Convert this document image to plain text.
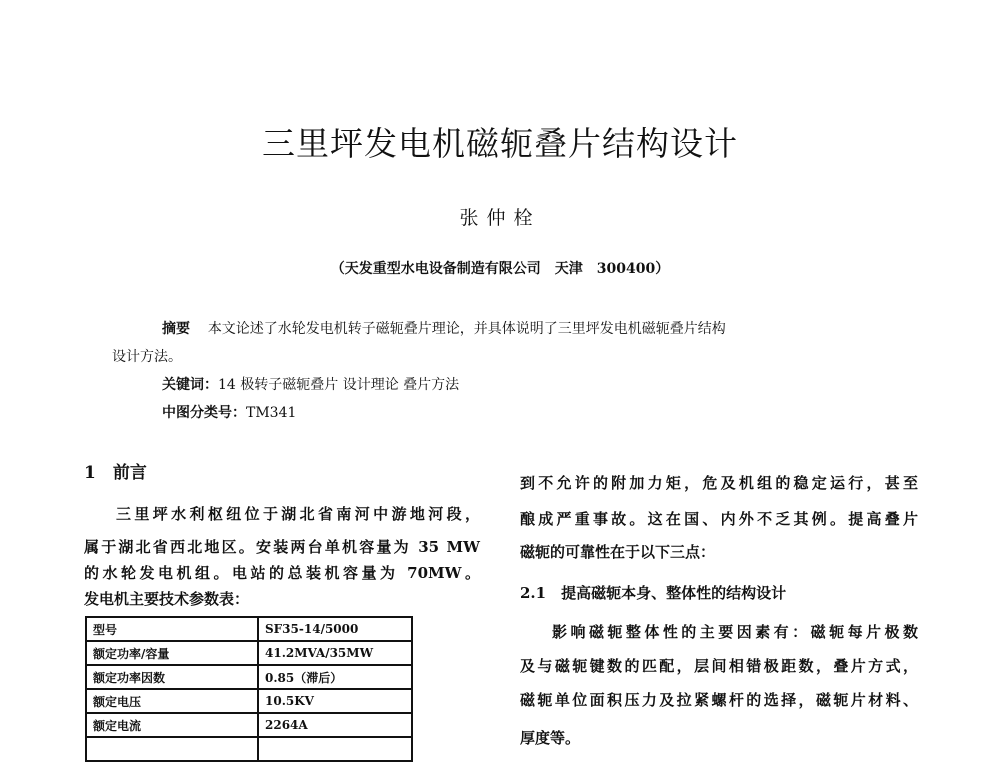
三里坪发电机磁轭叠片结构设计
张仲栓
（天发重型水电设备制造有限公司　天津　300400）
摘要 本文论述了水轮发电机转子磁轭叠片理论，并具体说明了三里坪发电机磁轭叠片结构
设计方法。
关键词：14 极转子磁轭叠片 设计理论 叠片方法
中图分类号：TM341
1　前言
三里坪水利枢纽位于湖北省南河中游地河段，
属于湖北省西北地区。安装两台单机容量为 35 MW
的水轮发电机组。电站的总装机容量为 70MW。
发电机主要技术参数表：
型号	SF35-14/5000
额定功率/容量	41.2MVA/35MW
额定功率因数	0.85（滞后）
额定电压	10.5KV
额定电流	2264A

到不允许的附加力矩，危及机组的稳定运行，甚至
酿成严重事故。这在国、内外不乏其例。提高叠片
磁轭的可靠性在于以下三点：
2.1　提高磁轭本身、整体性的结构设计
影响磁轭整体性的主要因素有：磁轭每片极数
及与磁轭键数的匹配，层间相错极距数，叠片方式，
磁轭单位面积压力及拉紧螺杆的选择，磁轭片材料、
厚度等。
